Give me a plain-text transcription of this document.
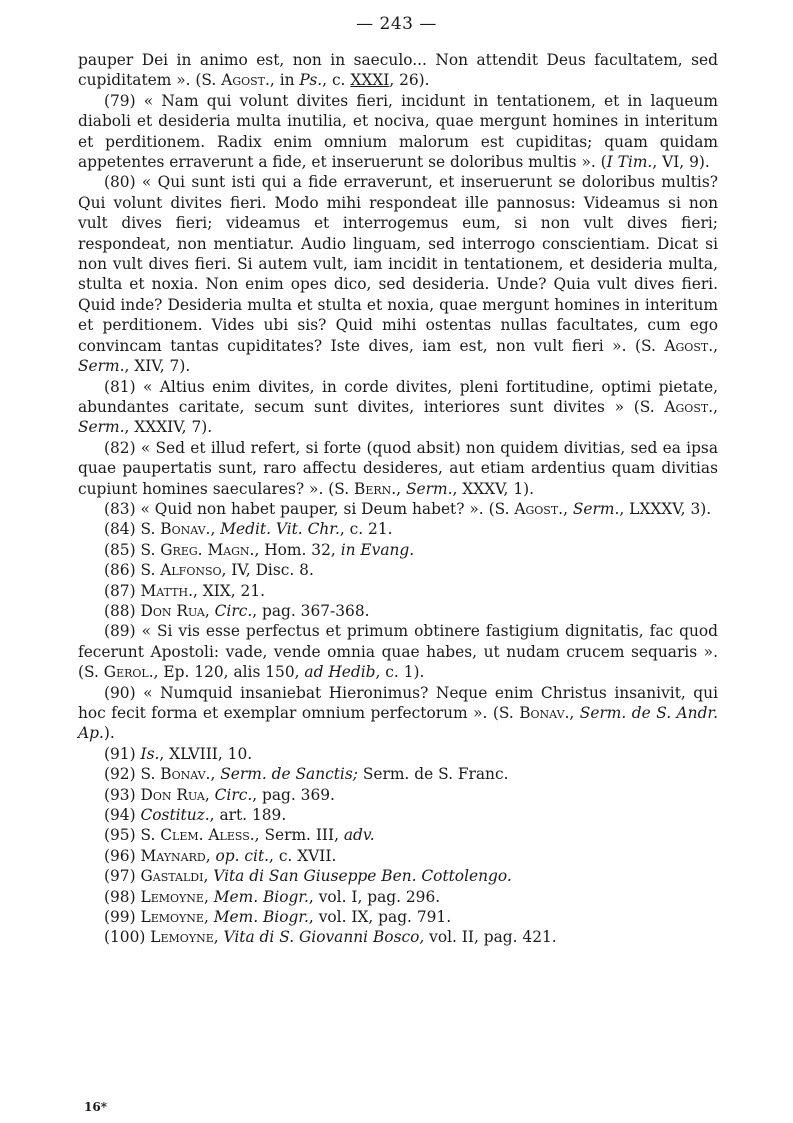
— 243 —

pauper Dei in animo est, non in saeculo... Non attendit Deus facultatem, sed cupiditatem ». (S. Agost., in Ps., c. XXXI, 26).

(79) « Nam qui volunt divites fieri, incidunt in tentationem, et in laqueum diaboli et desideria multa inutilia, et nociva, quae mergunt homines in interitum et perditionem. Radix enim omnium malorum est cupiditas; quam quidam appetentes erraverunt a fide, et inseruerunt se doloribus multis ». (I Tim., VI, 9).

(80) « Qui sunt isti qui a fide erraverunt, et inseruerunt se doloribus multis? Qui volunt divites fieri. Modo mihi respondeat ille pannosus: Videamus si non vult dives fieri; videamus et interrogemus eum, si non vult dives fieri; respondeat, non mentiatur. Audio linguam, sed interrogo conscientiam. Dicat si non vult dives fieri. Si autem vult, iam incidit in tentationem, et desideria multa, stulta et noxia. Non enim opes dico, sed desideria. Unde? Quia vult dives fieri. Quid inde? Desideria multa et stulta et noxia, quae mergunt homines in interitum et perditionem. Vides ubi sis? Quid mihi ostentas nullas facultates, cum ego convincam tantas cupiditates? Iste dives, iam est, non vult fieri ». (S. Agost., Serm., XIV, 7).

(81) « Altius enim divites, in corde divites, pleni fortitudine, optimi pietate, abundantes caritate, secum sunt divites, interiores sunt divites » (S. Agost., Serm., XXXIV, 7).

(82) « Sed et illud refert, si forte (quod absit) non quidem divitias, sed ea ipsa quae paupertatis sunt, raro affectu desideres, aut etiam ardentius quam divitias cupiunt homines saeculares? ». (S. Bern., Serm., XXXV, 1).

(83) « Quid non habet pauper, si Deum habet? ». (S. Agost., Serm., LXXXV, 3).

(84) S. Bonav., Medit. Vit. Chr., c. 21.

(85) S. Greg. Magn., Hom. 32, in Evang.

(86) S. Alfonso, IV, Disc. 8.

(87) Matth., XIX, 21.

(88) Don Rua, Circ., pag. 367-368.

(89) « Si vis esse perfectus et primum obtinere fastigium dignitatis, fac quod fecerunt Apostoli: vade, vende omnia quae habes, ut nudam crucem sequaris ». (S. Gerol., Ep. 120, alis 150, ad Hedib, c. 1).

(90) « Numquid insaniebat Hieronimus? Neque enim Christus insanivit, qui hoc fecit forma et exemplar omnium perfectorum ». (S. Bonav., Serm. de S. Andr. Ap.).

(91) Is., XLVIII, 10.

(92) S. Bonav., Serm. de Sanctis; Serm. de S. Franc.

(93) Don Rua, Circ., pag. 369.

(94) Costituz., art. 189.

(95) S. Clem. Aless., Serm. III, adv.

(96) Maynard, op. cit., c. XVII.

(97) Gastaldi, Vita di San Giuseppe Ben. Cottolengo.

(98) Lemoyne, Mem. Biogr., vol. I, pag. 296.

(99) Lemoyne, Mem. Biogr., vol. IX, pag. 791.

(100) Lemoyne, Vita di S. Giovanni Bosco, vol. II, pag. 421.

16*
